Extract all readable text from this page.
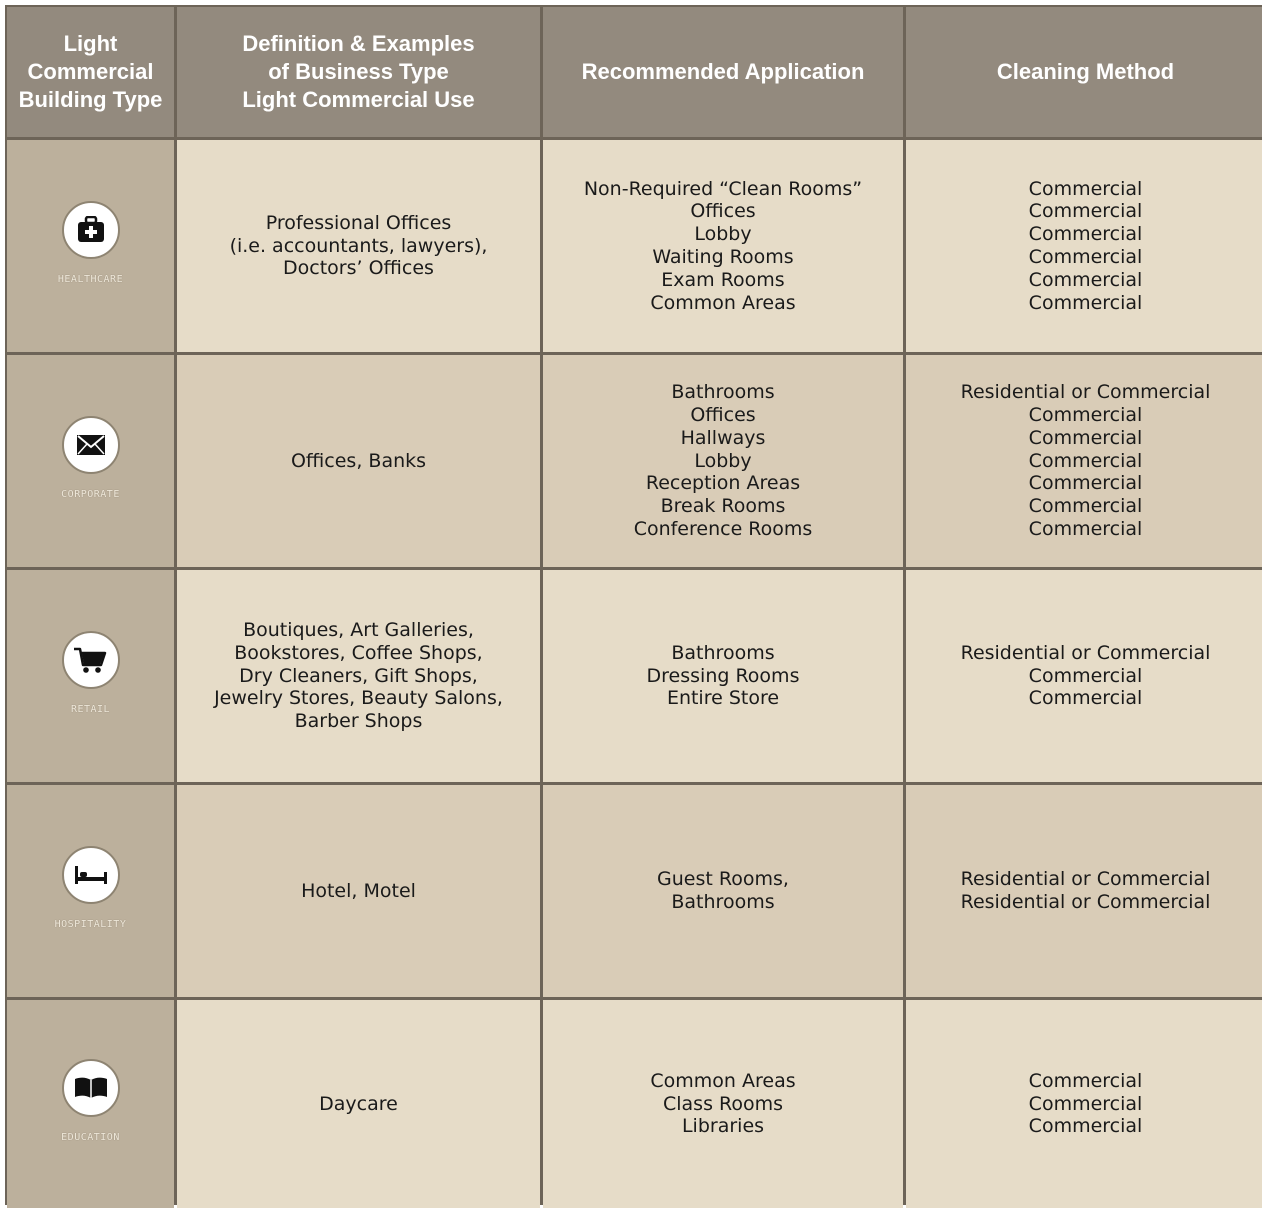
Light
Commercial
Building Type
Definition & Examples
of Business Type
Light Commercial Use
Recommended Application	Cleaning Method
HEALTHCARE
Professional Offices
(i.e. accountants, lawyers),
Doctors’ Offices
Non-Required “Clean Rooms”
Offices
Lobby
Waiting Rooms
Exam Rooms
Common Areas
Commercial
Commercial
Commercial
Commercial
Commercial
Commercial
CORPORATE
Offices, Banks
Bathrooms
Offices
Hallways
Lobby
Reception Areas
Break Rooms
Conference Rooms
Residential or Commercial
Commercial
Commercial
Commercial
Commercial
Commercial
Commercial
RETAIL
Boutiques, Art Galleries,
Bookstores, Coffee Shops,
Dry Cleaners, Gift Shops,
Jewelry Stores, Beauty Salons,
Barber Shops
Bathrooms
Dressing Rooms
Entire Store
Residential or Commercial
Commercial
Commercial
HOSPITALITY
Hotel, Motel
Guest Rooms,
Bathrooms
Residential or Commercial
Residential or Commercial
EDUCATION
Daycare
Common Areas
Class Rooms
Libraries
Commercial
Commercial
Commercial
